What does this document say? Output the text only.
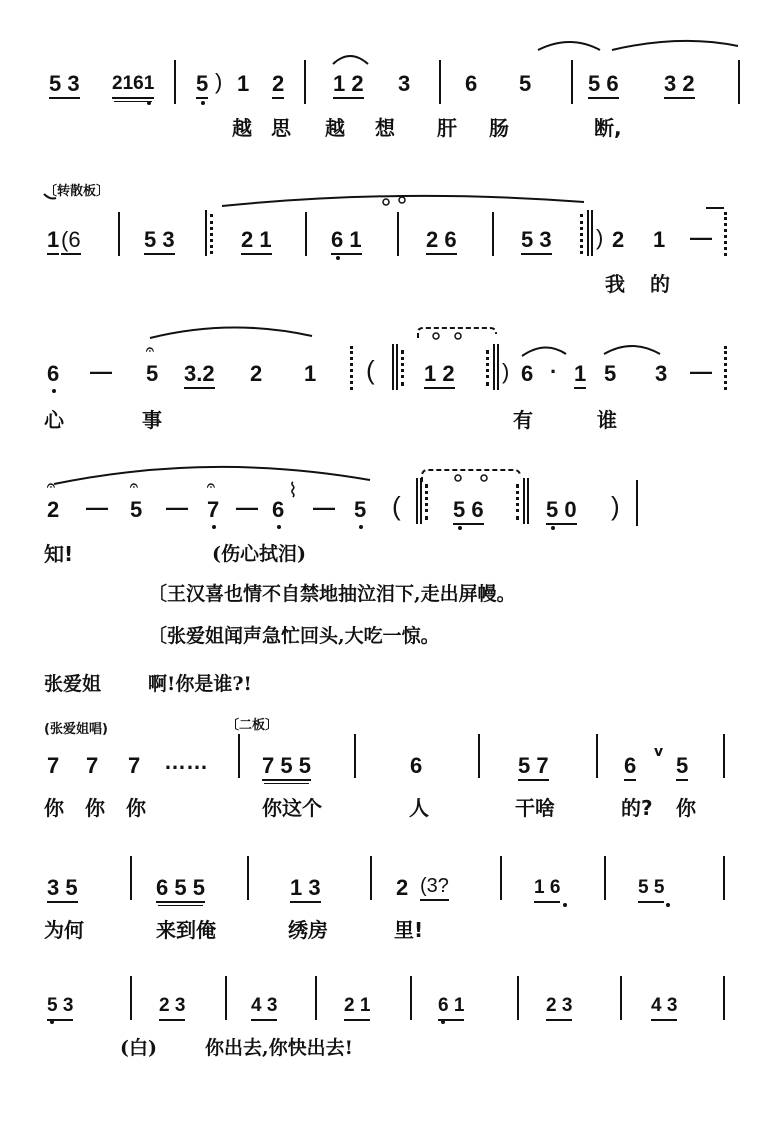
5 3 2161 5 ) 1 2 1 2 3 6 5	5 6 3 2
越 思 越 想 肝 肠	断,
〔转散板〕
1 (6	5 3	2 1	6 1	2 6	5 3 ) 2 1 —
我 的
6 — 5
𝄐
3.2 2 1 ( 1 2 ) 6 · 1 5 3 —
心	事	有	谁
2
𝄐
— 5
𝄐
— 7
𝄐
— 6
⌇
— 5 ( 5 6	5 0 )
知!	(伤心拭泪)
〔王汉喜也情不自禁地抽泣泪下,走出屏幔。
〔张爱姐闻声急忙回头,大吃一惊。
张爱姐 啊!你是谁?!
(张爱姐唱)	〔二板〕
7 7 7 …… 7 5 5	6	5 7	6
v
5
你 你 你	你这个	人	干啥	的? 你
3 5	6 5 5	1 3	2 (3?	1 6	5 5
为何	来到俺	绣房	里!
5 3	2 3	4 3	2 1	6 1	2 3	4 3
(白)	你出去,你快出去!
